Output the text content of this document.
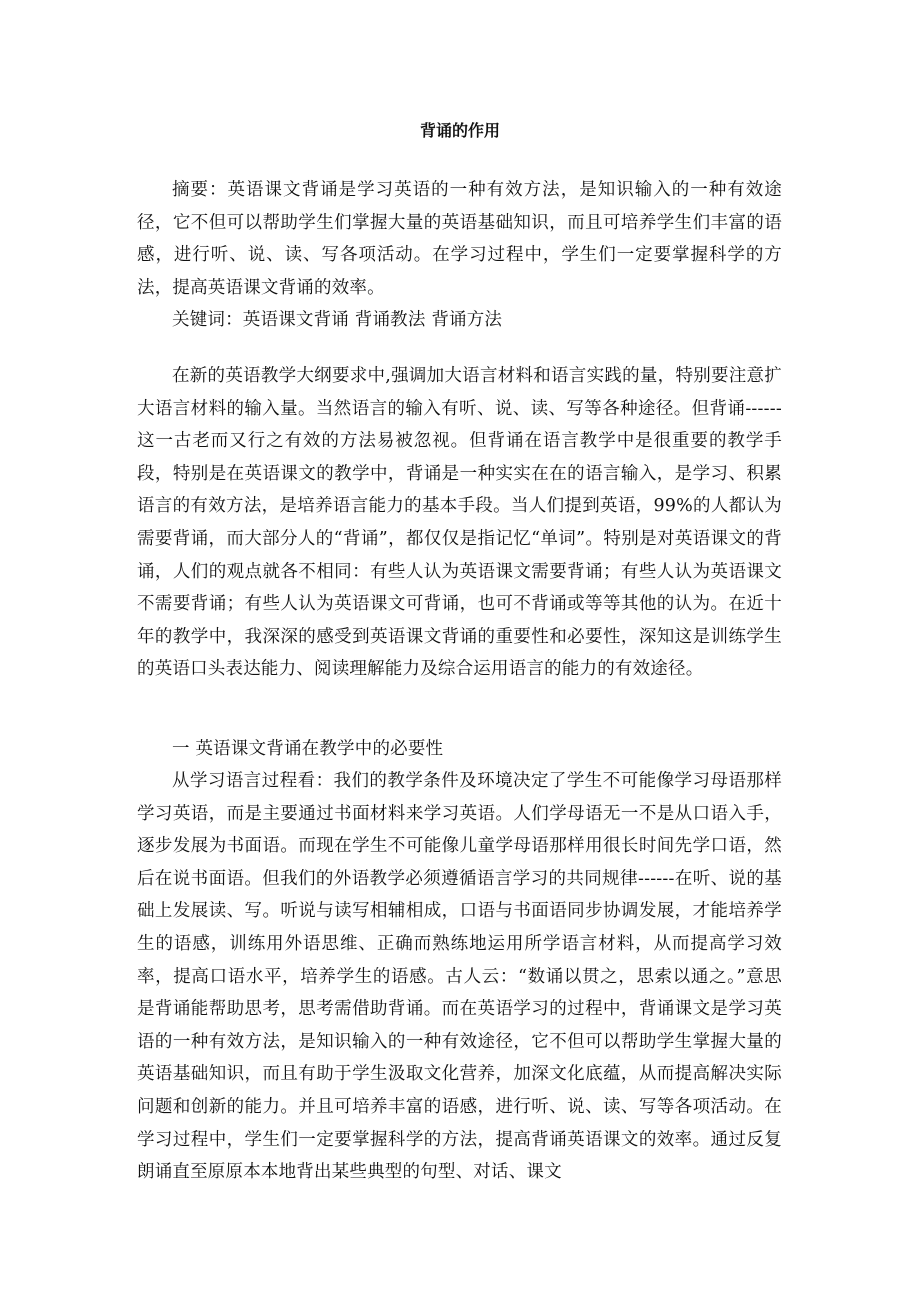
背诵的作用

摘要：英语课文背诵是学习英语的一种有效方法，是知识输入的一种有效途径，它不但可以帮助学生们掌握大量的英语基础知识，而且可培养学生们丰富的语感，进行听、说、读、写各项活动。在学习过程中，学生们一定要掌握科学的方法，提高英语课文背诵的效率。

关键词：英语课文背诵 背诵教法 背诵方法

在新的英语教学大纲要求中,强调加大语言材料和语言实践的量，特别要注意扩大语言材料的输入量。当然语言的输入有听、说、读、写等各种途径。但背诵------这一古老而又行之有效的方法易被忽视。但背诵在语言教学中是很重要的教学手段，特别是在英语课文的教学中，背诵是一种实实在在的语言输入，是学习、积累语言的有效方法，是培养语言能力的基本手段。当人们提到英语，99%的人都认为需要背诵，而大部分人的“背诵”，都仅仅是指记忆“单词”。特别是对英语课文的背诵，人们的观点就各不相同：有些人认为英语课文需要背诵；有些人认为英语课文不需要背诵；有些人认为英语课文可背诵，也可不背诵或等等其他的认为。在近十年的教学中，我深深的感受到英语课文背诵的重要性和必要性，深知这是训练学生的英语口头表达能力、阅读理解能力及综合运用语言的能力的有效途径。

一 英语课文背诵在教学中的必要性

从学习语言过程看：我们的教学条件及环境决定了学生不可能像学习母语那样学习英语，而是主要通过书面材料来学习英语。人们学母语无一不是从口语入手，逐步发展为书面语。而现在学生不可能像儿童学母语那样用很长时间先学口语，然后在说书面语。但我们的外语教学必须遵循语言学习的共同规律------在听、说的基础上发展读、写。听说与读写相辅相成，口语与书面语同步协调发展，才能培养学生的语感，训练用外语思维、正确而熟练地运用所学语言材料，从而提高学习效率，提高口语水平，培养学生的语感。古人云：“数诵以贯之，思索以通之。”意思是背诵能帮助思考，思考需借助背诵。而在英语学习的过程中，背诵课文是学习英语的一种有效方法，是知识输入的一种有效途径，它不但可以帮助学生掌握大量的英语基础知识，而且有助于学生汲取文化营养，加深文化底蕴，从而提高解决实际问题和创新的能力。并且可培养丰富的语感，进行听、说、读、写等各项活动。在学习过程中，学生们一定要掌握科学的方法，提高背诵英语课文的效率。通过反复朗诵直至原原本本地背出某些典型的句型、对话、课文
